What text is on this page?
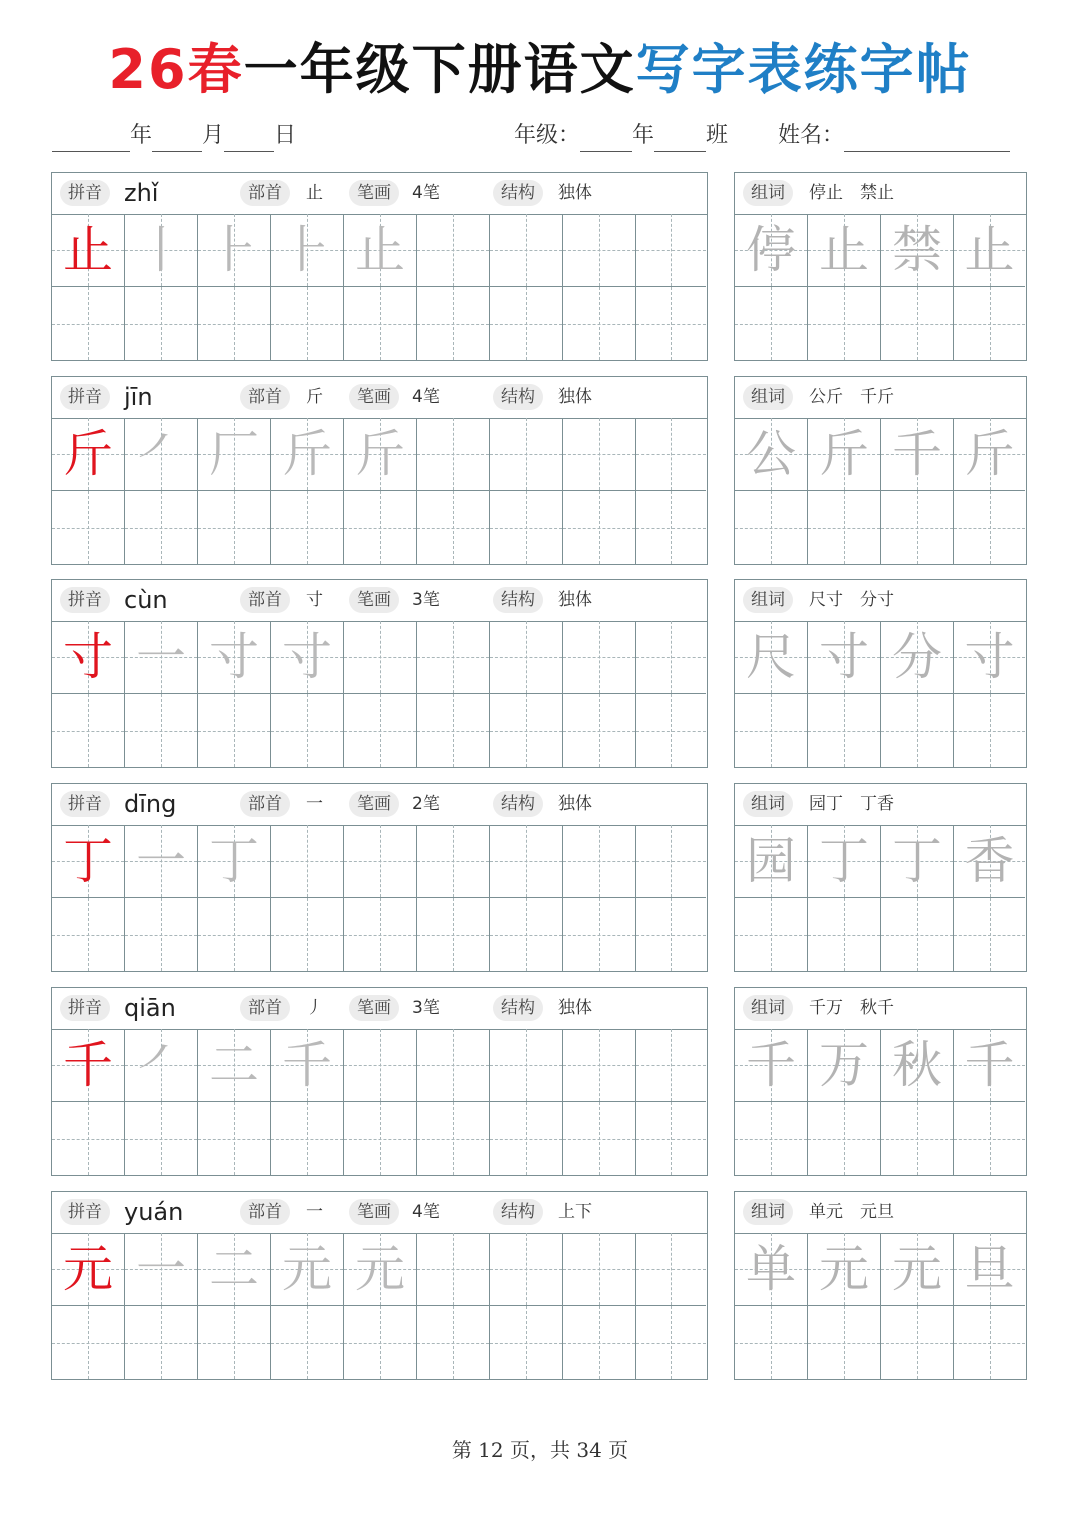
26春一年级下册语文写字表练字帖
年 月 日	年级： 年 班 姓名：
拼音 zhǐ	部首	止	笔画	4笔	结构	独体
止 丨 ⺊ ⺊ 止
组词	停止　禁止
停 止 禁 止
拼音 jīn	部首	斤	笔画	4笔	结构	独体
斤 ㇒ 厂 斤 斤
组词	公斤　千斤
公 斤 千 斤
拼音 cùn	部首	寸	笔画	3笔	结构	独体
寸 一 寸 寸
组词	尺寸　分寸
尺 寸 分 寸
拼音 dīng	部首	一	笔画	2笔	结构	独体
丁 一 丁
组词	园丁　丁香
园 丁 丁 香
拼音 qiān	部首	丿	笔画	3笔	结构	独体
千 ㇒ 二 千
组词	千万　秋千
千 万 秋 千
拼音 yuán	部首	一	笔画	4笔	结构	上下
元 一 二 元 元
组词	单元　元旦
单 元 元 旦
第 12 页，共 34 页
